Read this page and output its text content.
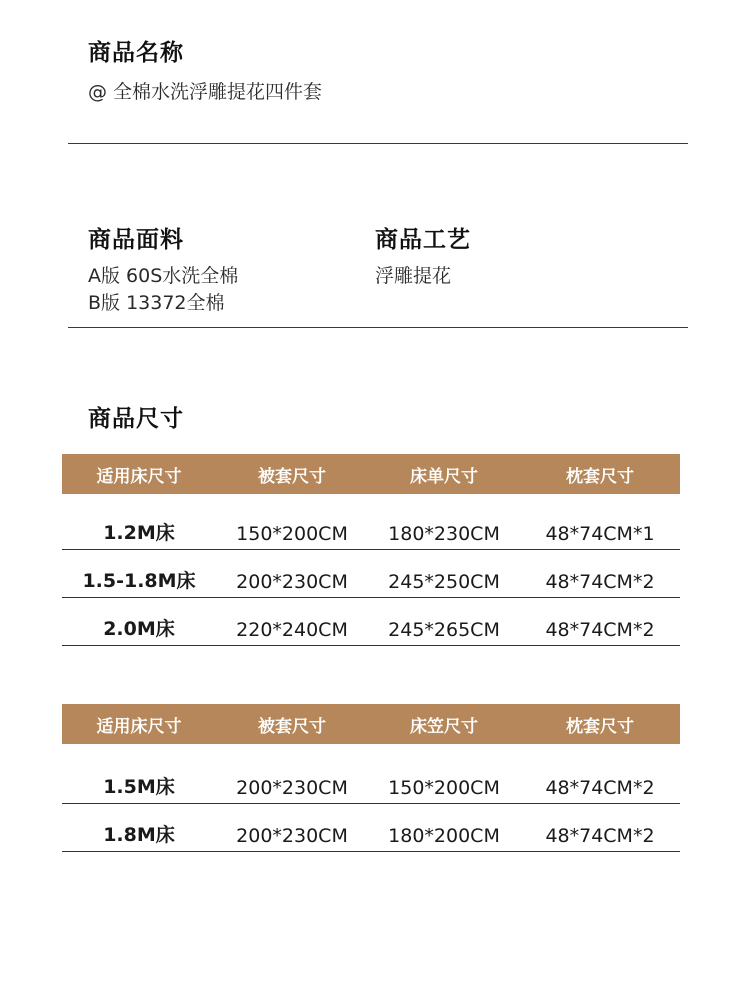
商品名称
@ 全棉水洗浮雕提花四件套
商品面料
A版 60S水洗全棉
B版 13372全棉
商品工艺
浮雕提花
商品尺寸
适用床尺寸	被套尺寸	床单尺寸	枕套尺寸
1.2M床	150*200CM	180*230CM	48*74CM*1
1.5-1.8M床	200*230CM	245*250CM	48*74CM*2
2.0M床	220*240CM	245*265CM	48*74CM*2
适用床尺寸	被套尺寸	床笠尺寸	枕套尺寸
1.5M床	200*230CM	150*200CM	48*74CM*2
1.8M床	200*230CM	180*200CM	48*74CM*2
